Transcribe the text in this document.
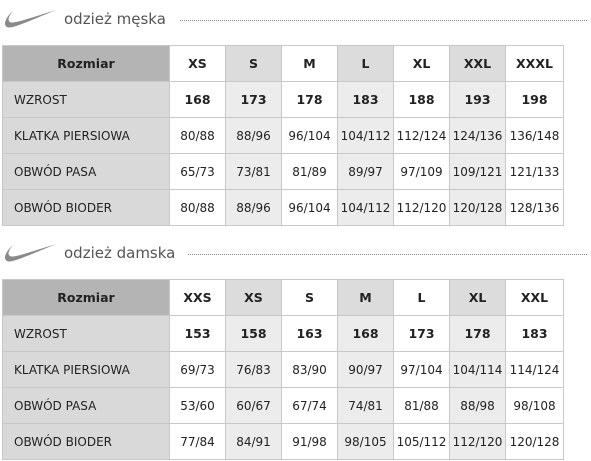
odzież męska
Rozmiar	XS	S	M	L	XL	XXL	XXXL
WZROST	168	173	178	183	188	193	198
KLATKA PIERSIOWA	80/88	88/96	96/104	104/112	112/124	124/136	136/148
OBWÓD PASA	65/73	73/81	81/89	89/97	97/109	109/121	121/133
OBWÓD BIODER	80/88	88/96	96/104	104/112	112/120	120/128	128/136
odzież damska
Rozmiar	XXS	XS	S	M	L	XL	XXL
WZROST	153	158	163	168	173	178	183
KLATKA PIERSIOWA	69/73	76/83	83/90	90/97	97/104	104/114	114/124
OBWÓD PASA	53/60	60/67	67/74	74/81	81/88	88/98	98/108
OBWÓD BIODER	77/84	84/91	91/98	98/105	105/112	112/120	120/128
